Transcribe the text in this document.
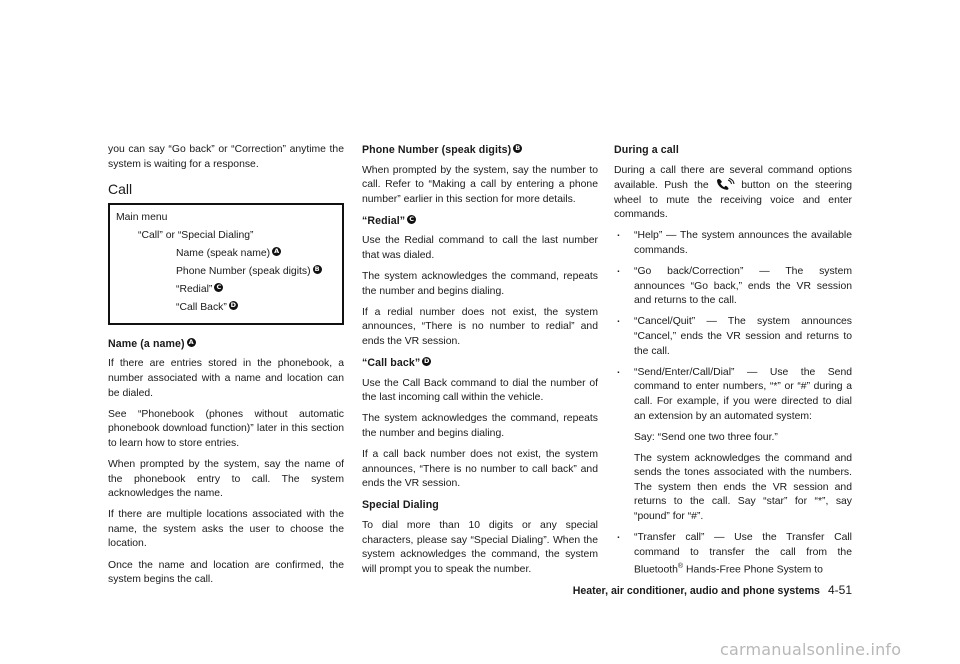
you can say “Go back” or “Correction” anytime the system is waiting for a response.

Call
Main menu
“Call” or “Special Dialing”
Name (speak name) A
Phone Number (speak digits) B
“Redial” C
“Call Back” D
Name (a name) A

If there are entries stored in the phonebook, a number associated with a name and location can be dialed.

See “Phonebook (phones without automatic phonebook download function)” later in this section to learn how to store entries.

When prompted by the system, say the name of the phonebook entry to call. The system acknowledges the name.

If there are multiple locations associated with the name, the system asks the user to choose the location.

Once the name and location are confirmed, the system begins the call.

Phone Number (speak digits) B

When prompted by the system, say the number to call. Refer to “Making a call by entering a phone number” earlier in this section for more details.

“Redial” C

Use the Redial command to call the last number that was dialed.

The system acknowledges the command, repeats the number and begins dialing.

If a redial number does not exist, the system announces, “There is no number to redial” and ends the VR session.

“Call back” D

Use the Call Back command to dial the number of the last incoming call within the vehicle.

The system acknowledges the command, repeats the number and begins dialing.

If a call back number does not exist, the system announces, “There is no number to call back” and ends the VR session.

Special Dialing

To dial more than 10 digits or any special characters, please say “Special Dialing”. When the system acknowledges the command, the system will prompt you to speak the number.

During a call

During a call there are several command options available. Push the	button on the steering wheel to mute the receiving voice and enter commands.

. “Help” — The system announces the available commands.
. “Go back/Correction” — The system announces “Go back,” ends the VR session and returns to the call.
. “Cancel/Quit” — The system announces “Cancel,” ends the VR session and returns to the call.
. “Send/Enter/Call/Dial” — Use the Send command to enter numbers, “*” or “#” during a call. For example, if you were directed to dial an extension by an automated system:

Say: “Send one two three four.”

The system acknowledges the command and sends the tones associated with the numbers. The system then ends the VR session and returns to the call. Say “star” for “*”, say “pound” for “#”.

. “Transfer call” — Use the Transfer Call command to transfer the call from the Bluetooth® Hands-Free Phone System to
Heater, air conditioner, audio and phone systems 4-51
carmanualsonline.info
